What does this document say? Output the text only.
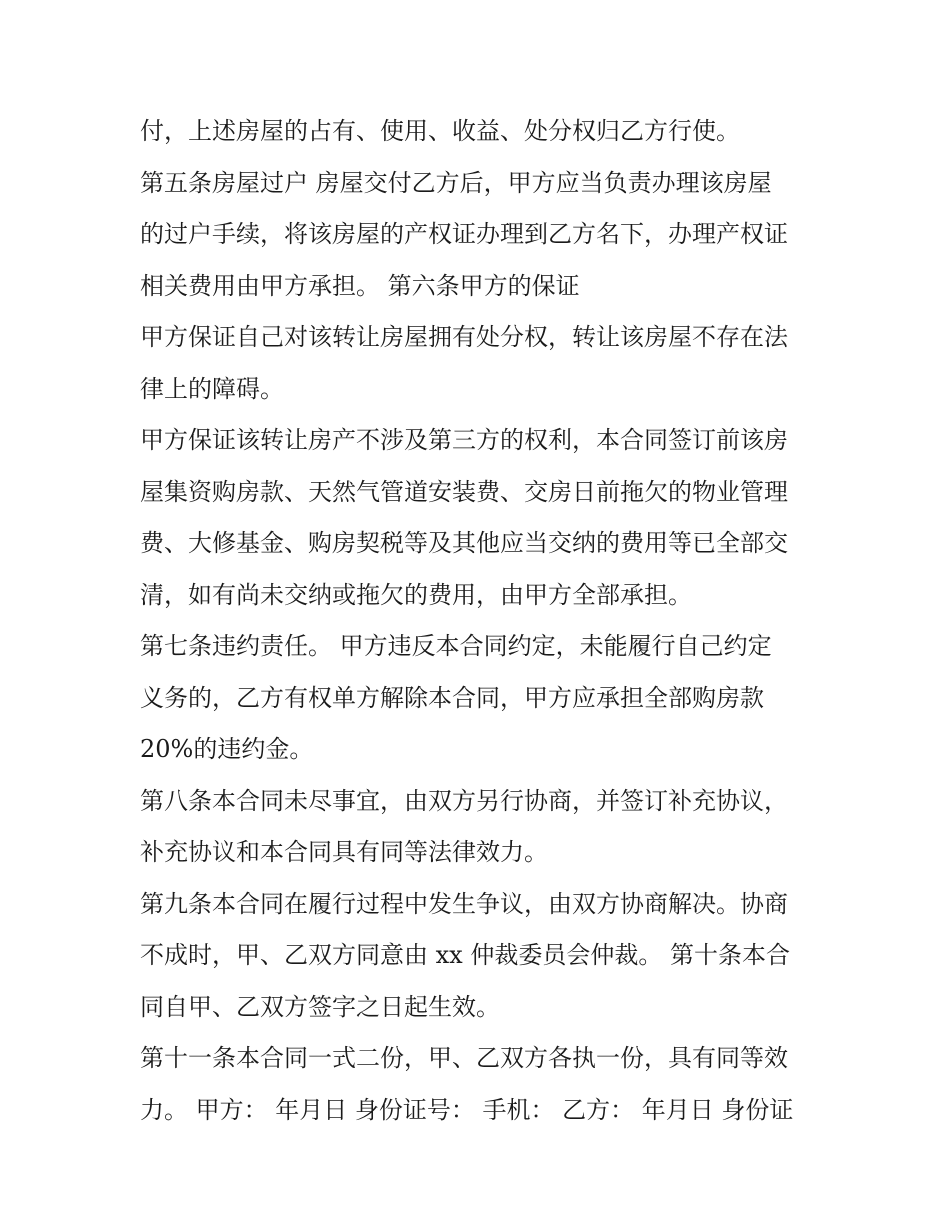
付，上述房屋的占有、使用、收益、处分权归乙方行使。
第五条房屋过户 房屋交付乙方后，甲方应当负责办理该房屋
的过户手续，将该房屋的产权证办理到乙方名下，办理产权证
相关费用由甲方承担。 第六条甲方的保证
甲方保证自己对该转让房屋拥有处分权，转让该房屋不存在法
律上的障碍。
甲方保证该转让房产不涉及第三方的权利，本合同签订前该房
屋集资购房款、天然气管道安装费、交房日前拖欠的物业管理
费、大修基金、购房契税等及其他应当交纳的费用等已全部交
清，如有尚未交纳或拖欠的费用，由甲方全部承担。
第七条违约责任。 甲方违反本合同约定，未能履行自己约定
义务的，乙方有权单方解除本合同，甲方应承担全部购房款
20%的违约金。
第八条本合同未尽事宜，由双方另行协商，并签订补充协议，
补充协议和本合同具有同等法律效力。
第九条本合同在履行过程中发生争议，由双方协商解决。协商
不成时，甲、乙双方同意由 xx 仲裁委员会仲裁。 第十条本合
同自甲、乙双方签字之日起生效。
第十一条本合同一式二份，甲、乙双方各执一份，具有同等效
力。 甲方： 年月日 身份证号： 手机： 乙方： 年月日 身份证
